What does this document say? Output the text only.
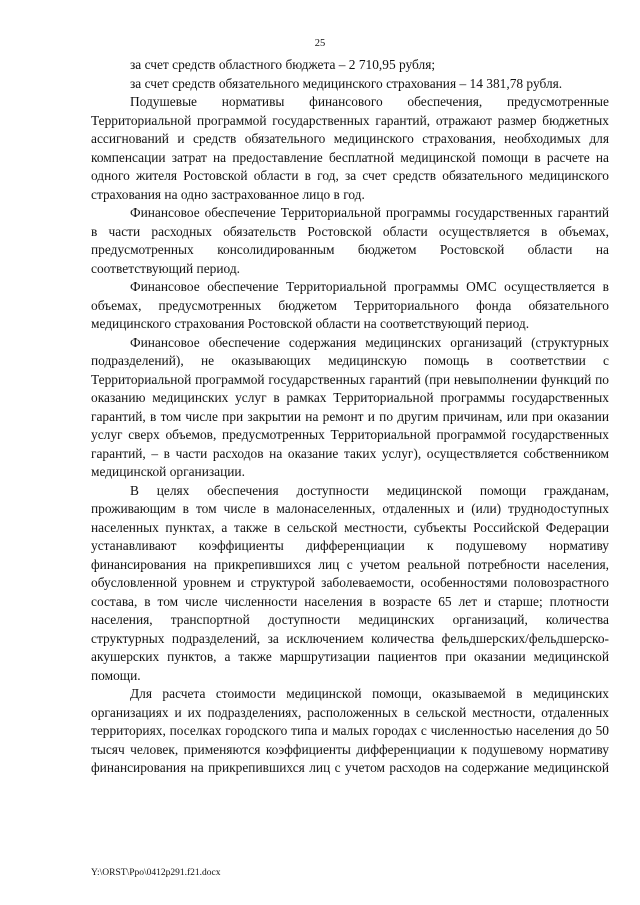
25

за счет средств областного бюджета – 2 710,95 рубля;

за счет средств обязательного медицинского страхования – 14 381,78 рубля.

Подушевые нормативы финансового обеспечения, предусмотренные Территориальной программой государственных гарантий, отражают размер бюджетных ассигнований и средств обязательного медицинского страхования, необходимых для компенсации затрат на предоставление бесплатной медицинской помощи в расчете на одного жителя Ростовской области в год, за счет средств обязательного медицинского страхования на одно застрахованное лицо в год.

Финансовое обеспечение Территориальной программы государственных гарантий в части расходных обязательств Ростовской области осуществляется в объемах, предусмотренных консолидированным бюджетом Ростовской области на соответствующий период.

Финансовое обеспечение Территориальной программы ОМС осуществляется в объемах, предусмотренных бюджетом Территориального фонда обязательного медицинского страхования Ростовской области на соответствующий период.

Финансовое обеспечение содержания медицинских организаций (структурных подразделений), не оказывающих медицинскую помощь в соответствии с Территориальной программой государственных гарантий (при невыполнении функций по оказанию медицинских услуг в рамках Территориальной программы государственных гарантий, в том числе при закрытии на ремонт и по другим причинам, или при оказании услуг сверх объемов, предусмотренных Территориальной программой государственных гарантий, – в части расходов на оказание таких услуг), осуществляется собственником медицинской организации.

В целях обеспечения доступности медицинской помощи гражданам, проживающим в том числе в малонаселенных, отдаленных и (или) труднодоступных населенных пунктах, а также в сельской местности, субъекты Российской Федерации устанавливают коэффициенты дифференциации к подушевому нормативу финансирования на прикрепившихся лиц с учетом реальной потребности населения, обусловленной уровнем и структурой заболеваемости, особенностями половозрастного состава, в том числе численности населения в возрасте 65 лет и старше; плотности населения, транспортной доступности медицинских организаций, количества структурных подразделений, за исключением количества фельдшерских/фельдшерско-акушерских пунктов, а также маршрутизации пациентов при оказании медицинской помощи.

Для расчета стоимости медицинской помощи, оказываемой в медицинских организациях и их подразделениях, расположенных в сельской местности, отдаленных территориях, поселках городского типа и малых городах с численностью населения до 50 тысяч человек, применяются коэффициенты дифференциации к подушевому нормативу финансирования на прикрепившихся лиц с учетом расходов на содержание медицинской

Y:\ORST\Ppo\0412p291.f21.docx
